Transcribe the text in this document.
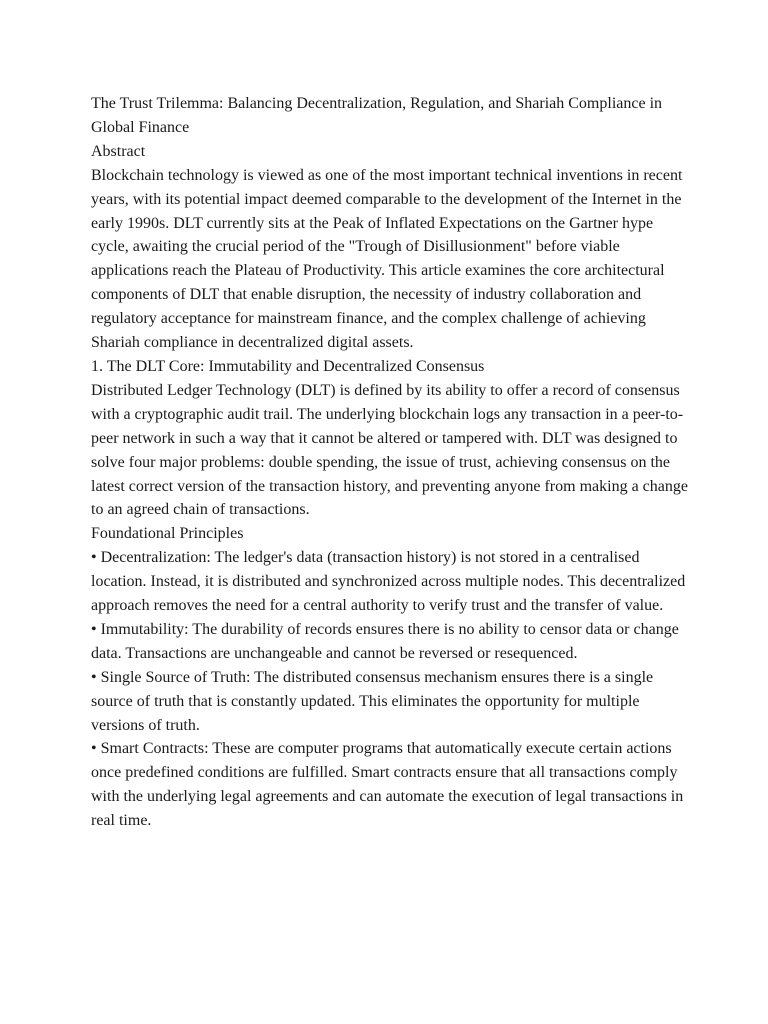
The Trust Trilemma: Balancing Decentralization, Regulation, and Shariah Compliance in Global Finance

Abstract

Blockchain technology is viewed as one of the most important technical inventions in recent years, with its potential impact deemed comparable to the development of the Internet in the early 1990s. DLT currently sits at the Peak of Inflated Expectations on the Gartner hype cycle, awaiting the crucial period of the "Trough of Disillusionment" before viable applications reach the Plateau of Productivity. This article examines the core architectural components of DLT that enable disruption, the necessity of industry collaboration and regulatory acceptance for mainstream finance, and the complex challenge of achieving Shariah compliance in decentralized digital assets.

1. The DLT Core: Immutability and Decentralized Consensus

Distributed Ledger Technology (DLT) is defined by its ability to offer a record of consensus with a cryptographic audit trail. The underlying blockchain logs any transaction in a peer-to-peer network in such a way that it cannot be altered or tampered with. DLT was designed to solve four major problems: double spending, the issue of trust, achieving consensus on the latest correct version of the transaction history, and preventing anyone from making a change to an agreed chain of transactions.

Foundational Principles

• Decentralization: The ledger's data (transaction history) is not stored in a centralised location. Instead, it is distributed and synchronized across multiple nodes. This decentralized approach removes the need for a central authority to verify trust and the transfer of value.

• Immutability: The durability of records ensures there is no ability to censor data or change data. Transactions are unchangeable and cannot be reversed or resequenced.

• Single Source of Truth: The distributed consensus mechanism ensures there is a single source of truth that is constantly updated. This eliminates the opportunity for multiple versions of truth.

• Smart Contracts: These are computer programs that automatically execute certain actions once predefined conditions are fulfilled. Smart contracts ensure that all transactions comply with the underlying legal agreements and can automate the execution of legal transactions in real time.
